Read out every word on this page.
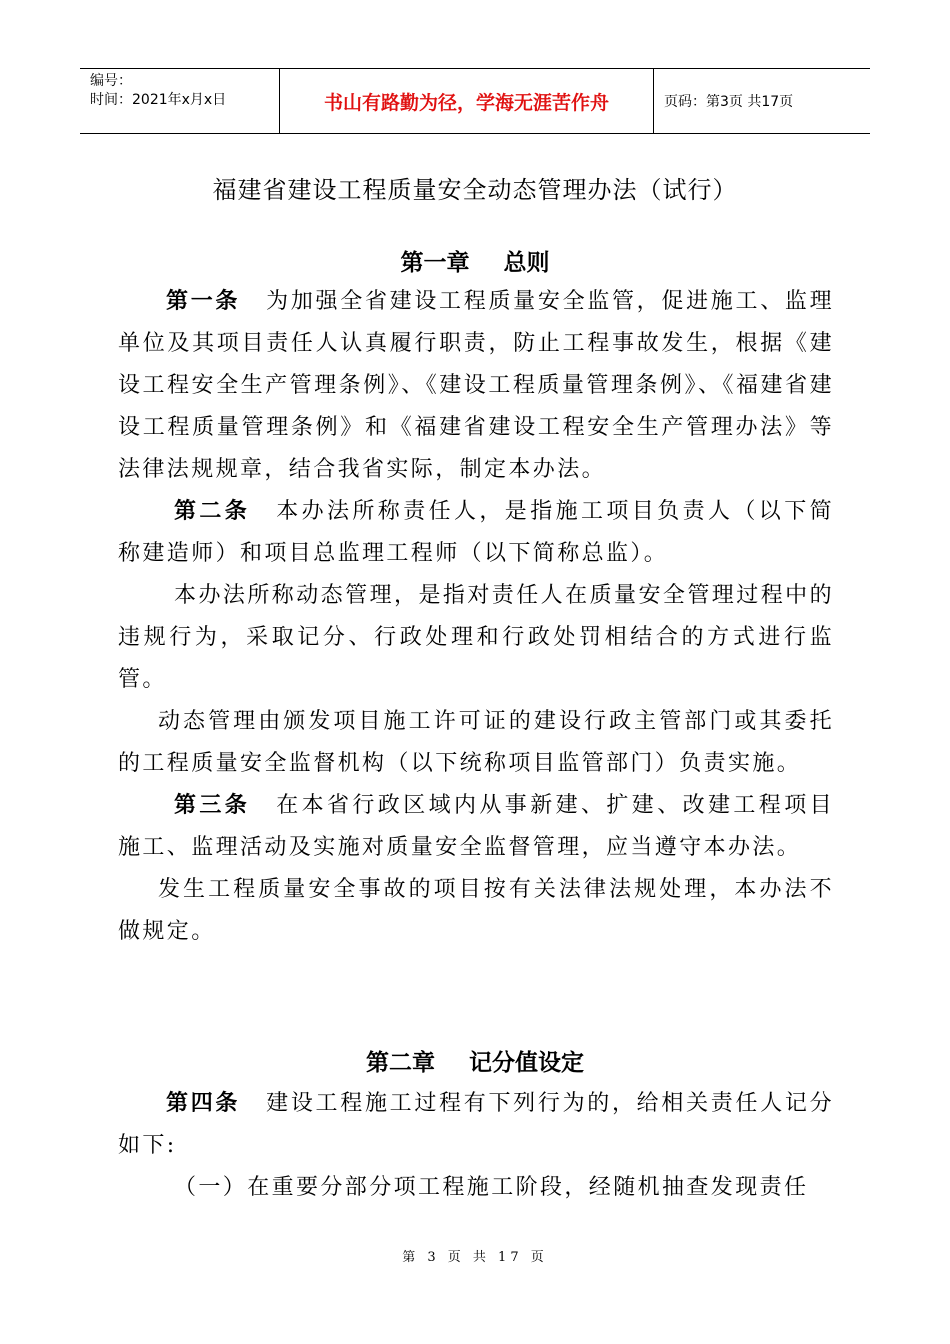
编号：
时间：2021年x月x日	书山有路勤为径，学海无涯苦作舟	页码：第3页 共17页
福建省建设工程质量安全动态管理办法（试行）
第一章 总则

第一条 为加强全省建设工程质量安全监管，促进施工、监理单位及其项目责任人认真履行职责，防止工程事故发生，根据《建设工程安全生产管理条例》、《建设工程质量管理条例》、《福建省建设工程质量管理条例》和《福建省建设工程安全生产管理办法》等法律法规规章，结合我省实际，制定本办法。

第二条 本办法所称责任人，是指施工项目负责人（以下简称建造师）和项目总监理工程师（以下简称总监）。

本办法所称动态管理，是指对责任人在质量安全管理过程中的违规行为，采取记分、行政处理和行政处罚相结合的方式进行监管。

动态管理由颁发项目施工许可证的建设行政主管部门或其委托的工程质量安全监督机构（以下统称项目监管部门）负责实施。

第三条 在本省行政区域内从事新建、扩建、改建工程项目施工、监理活动及实施对质量安全监督管理，应当遵守本办法。

发生工程质量安全事故的项目按有关法律法规处理，本办法不做规定。

第二章 记分值设定

第四条 建设工程施工过程有下列行为的，给相关责任人记分如下:

（一）在重要分部分项工程施工阶段，经随机抽查发现责任

第 3 页 共 17 页
